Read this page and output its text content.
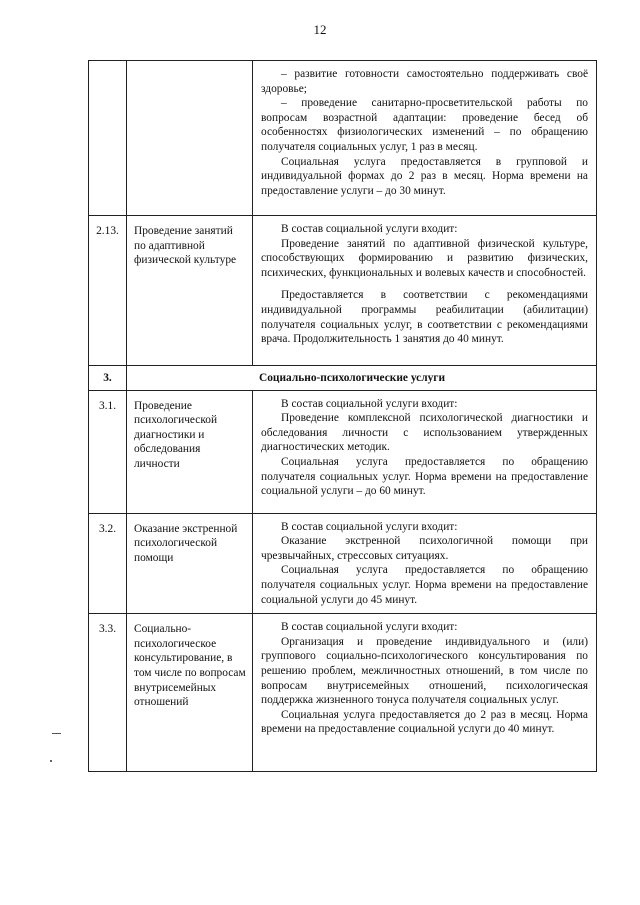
12

		– развитие готовности самостоятельно поддерживать своё здоровье;

– проведение санитарно-просветительской работы по вопросам возрастной адаптации: проведение бесед об особенностях физиологических изменений – по обращению получателя социальных услуг, 1 раз в месяц.

Социальная услуга предоставляется в групповой и индивидуальной формах до 2 раз в месяц. Норма времени на предоставление услуги – до 30 минут.

2.13.	Проведение занятий по адаптивной физической культуре	В состав социальной услуги входит:

Проведение занятий по адаптивной физической культуре, способствующих формированию и развитию физических, психических, функциональных и волевых качеств и способностей.

Предоставляется в соответствии с рекомендациями индивидуальной программы реабилитации (абилитации) получателя социальных услуг, в соответствии с рекомендациями врача. Продолжительность 1 занятия до 40 минут.

3.	Социально-психологические услуги	

3.1.	Проведение психологической диагностики и обследования личности	В состав социальной услуги входит:

Проведение комплексной психологической диагностики и обследования личности с использованием утвержденных диагностических методик.

Социальная услуга предоставляется по обращению получателя социальных услуг. Норма времени на предоставление социальной услуги – до 60 минут.

3.2.	Оказание экстренной психологической помощи	В состав социальной услуги входит:

Оказание экстренной психологичной помощи при чрезвычайных, стрессовых ситуациях.

Социальная услуга предоставляется по обращению получателя социальных услуг. Норма времени на предоставление социальной услуги до 45 минут.

3.3.	Социально-психологическое консультирование, в том числе по вопросам внутрисемейных отношений	В состав социальной услуги входит:

Организация и проведение индивидуального и (или) группового социально-психологического консультирования по решению проблем, межличностных отношений, в том числе по вопросам внутрисемейных отношений, психологическая поддержка жизненного тонуса получателя социальных услуг.

Социальная услуга предоставляется до 2 раз в месяц. Норма времени на предоставление социальной услуги до 40 минут.
